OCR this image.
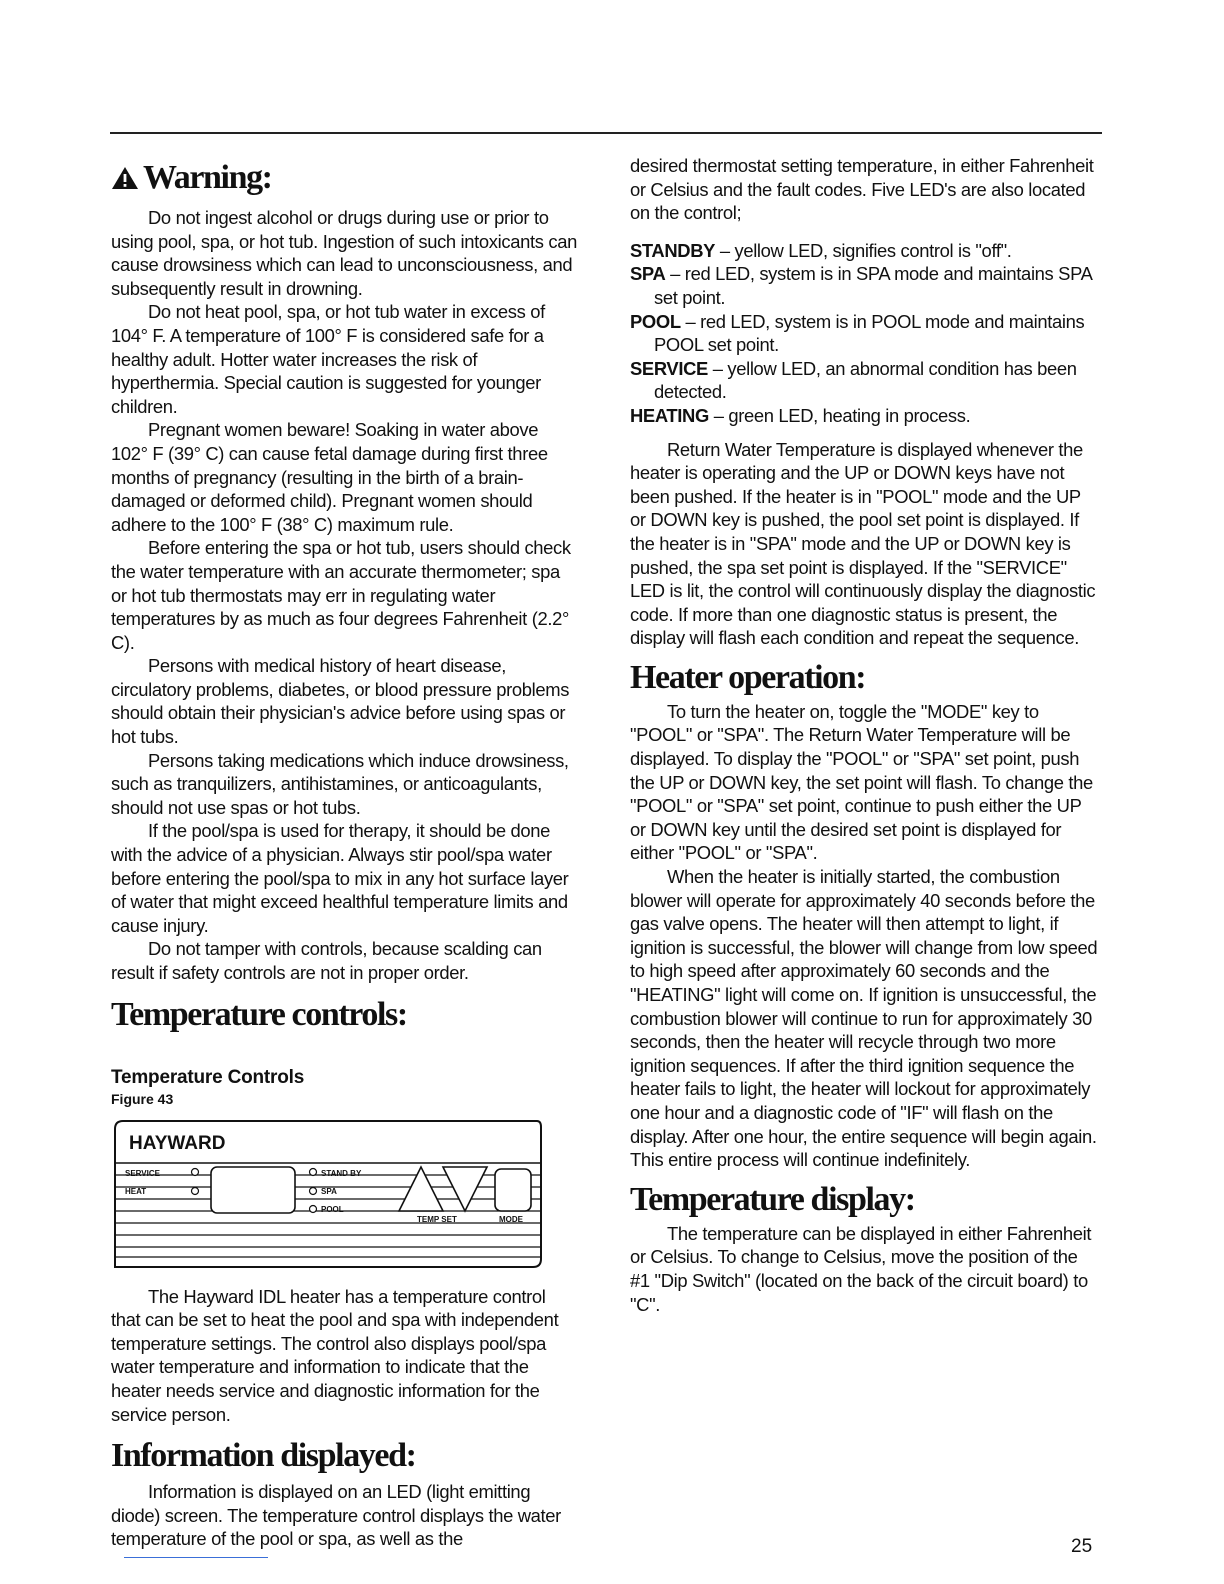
Warning:

Do not ingest alcohol or drugs during use or prior to using pool, spa, or hot tub. Ingestion of such intoxicants can cause drowsiness which can lead to unconsciousness, and subsequently result in drowning.

Do not heat pool, spa, or hot tub water in excess of 104° F. A temperature of 100° F is considered safe for a healthy adult. Hotter water increases the risk of hyperthermia. Special caution is suggested for younger children.

Pregnant women beware! Soaking in water above 102° F (39° C) can cause fetal damage during first three months of pregnancy (resulting in the birth of a brain-damaged or deformed child). Pregnant women should adhere to the 100° F (38° C) maximum rule.

Before entering the spa or hot tub, users should check the water temperature with an accurate thermometer; spa or hot tub thermostats may err in regulating water temperatures by as much as four degrees Fahrenheit (2.2° C).

Persons with medical history of heart disease, circulatory problems, diabetes, or blood pressure problems should obtain their physician's advice before using spas or hot tubs.

Persons taking medications which induce drowsiness, such as tranquilizers, antihistamines, or anticoagulants, should not use spas or hot tubs.

If the pool/spa is used for therapy, it should be done with the advice of a physician. Always stir pool/spa water before entering the pool/spa to mix in any hot surface layer of water that might exceed healthful temperature limits and cause injury.

Do not tamper with controls, because scalding can result if safety controls are not in proper order.

Temperature controls:
Temperature Controls
Figure 43
HAYWARD
SERVICE
HEAT
STAND BY
SPA
POOL
TEMP SET	MODE

The Hayward IDL heater has a temperature control that can be set to heat the pool and spa with independent temperature settings. The control also displays pool/spa water temperature and information to indicate that the heater needs service and diagnostic information for the service person.

Information displayed:

Information is displayed on an LED (light emitting diode) screen. The temperature control displays the water temperature of the pool or spa, as well as the

desired thermostat setting temperature, in either Fahrenheit or Celsius and the fault codes. Five LED's are also located on the control;

STANDBY – yellow LED, signifies control is "off".

SPA – red LED, system is in SPA mode and maintains SPA set point.

POOL – red LED, system is in POOL mode and maintains POOL set point.

SERVICE – yellow LED, an abnormal condition has been detected.

HEATING – green LED, heating in process.

Return Water Temperature is displayed whenever the heater is operating and the UP or DOWN keys have not been pushed. If the heater is in "POOL" mode and the UP or DOWN key is pushed, the pool set point is displayed. If the heater is in "SPA" mode and the UP or DOWN key is pushed, the spa set point is displayed. If the "SERVICE" LED is lit, the control will continuously display the diagnostic code. If more than one diagnostic status is present, the display will flash each condition and repeat the sequence.

Heater operation:

To turn the heater on, toggle the "MODE" key to "POOL" or "SPA". The Return Water Temperature will be displayed. To display the "POOL" or "SPA" set point, push the UP or DOWN key, the set point will flash. To change the "POOL" or "SPA" set point, continue to push either the UP or DOWN key until the desired set point is displayed for either "POOL" or "SPA".

When the heater is initially started, the combustion blower will operate for approximately 40 seconds before the gas valve opens. The heater will then attempt to light, if ignition is successful, the blower will change from low speed to high speed after approximately 60 seconds and the "HEATING" light will come on. If ignition is unsuccessful, the combustion blower will continue to run for approximately 30 seconds, then the heater will recycle through two more ignition sequences. If after the third ignition sequence the heater fails to light, the heater will lockout for approximately one hour and a diagnostic code of "IF" will flash on the display. After one hour, the entire sequence will begin again. This entire process will continue indefinitely.

Temperature display:

The temperature can be displayed in either Fahrenheit or Celsius. To change to Celsius, move the position of the #1 "Dip Switch" (located on the back of the circuit board) to "C".

25
